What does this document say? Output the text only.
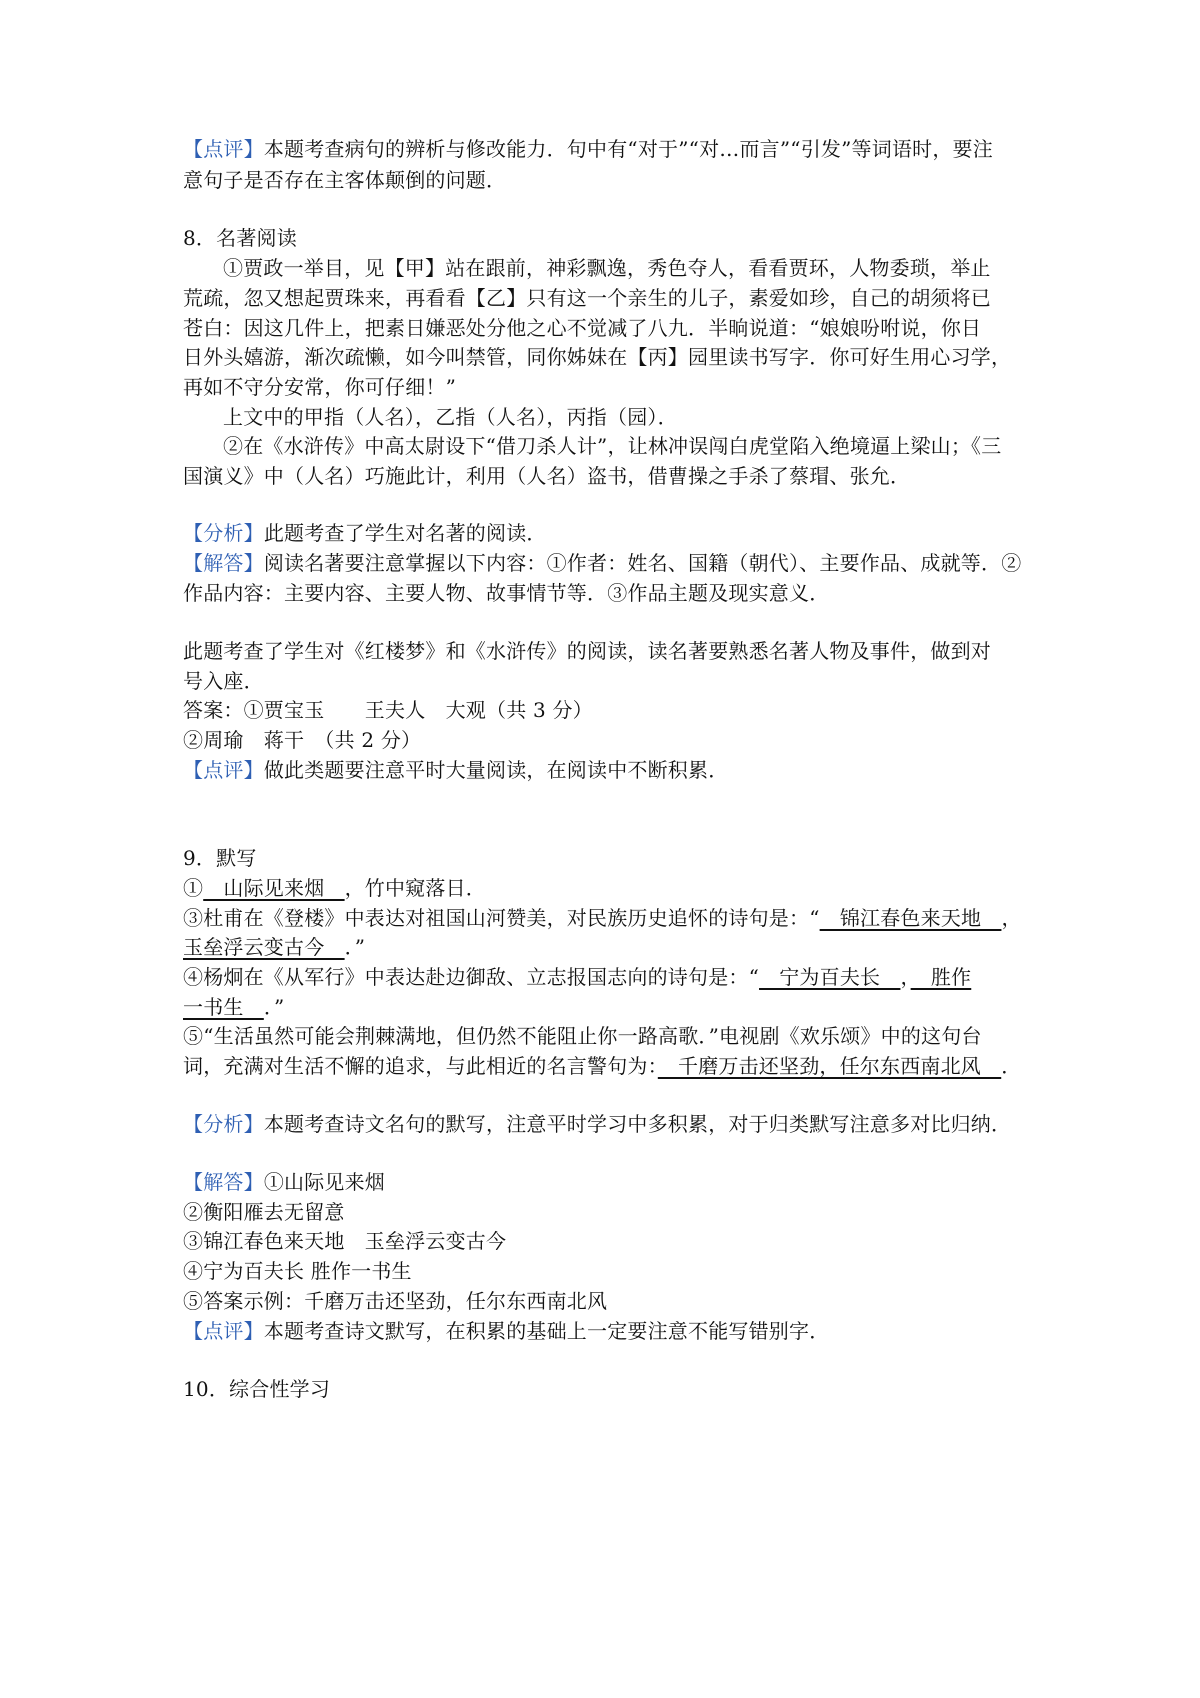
【点评】本题考查病句的辨析与修改能力．句中有“对于”“对…而言”“引发”等词语时，要注
意句子是否存在主客体颠倒的问题．
8．名著阅读
①贾政一举目，见【甲】站在跟前，神彩飘逸，秀色夺人，看看贾环，人物委琐，举止
荒疏，忽又想起贾珠来，再看看【乙】只有这一个亲生的儿子，素爱如珍，自己的胡须将已
苍白：因这几件上，把素日嫌恶处分他之心不觉减了八九．半晌说道：“娘娘吩咐说，你日
日外头嬉游，渐次疏懒，如今叫禁管，同你姊妹在【丙】园里读书写字．你可好生用心习学，
再如不守分安常，你可仔细！”
上文中的甲指（人名），乙指（人名），丙指（园）．
②在《水浒传》中高太尉设下“借刀杀人计”，让林冲误闯白虎堂陷入绝境逼上梁山；《三
国演义》中（人名）巧施此计，利用（人名）盗书，借曹操之手杀了蔡瑁、张允．
【分析】此题考查了学生对名著的阅读．
【解答】阅读名著要注意掌握以下内容：①作者：姓名、国籍（朝代）、主要作品、成就等．②
作品内容：主要内容、主要人物、故事情节等．③作品主题及现实意义．
此题考查了学生对《红楼梦》和《水浒传》的阅读，读名著要熟悉名著人物及事件，做到对
号入座．
答案：①贾宝玉　　王夫人　大观（共 3 分）
②周瑜　蒋干　（共 2 分）
【点评】做此类题要注意平时大量阅读，在阅读中不断积累．
9．默写
①　山际见来烟　，竹中窥落日．
③杜甫在《登楼》中表达对祖国山河赞美，对民族历史追怀的诗句是：“　锦江春色来天地　，
玉垒浮云变古今　．”
④杨炯在《从军行》中表达赴边御敌、立志报国志向的诗句是：“　宁为百夫长　，　胜作
一书生　．”
⑤“生活虽然可能会荆棘满地，但仍然不能阻止你一路高歌．”电视剧《欢乐颂》中的这句台
词，充满对生活不懈的追求，与此相近的名言警句为：　千磨万击还坚劲，任尔东西南北风　．
【分析】本题考查诗文名句的默写，注意平时学习中多积累，对于归类默写注意多对比归纳．
【解答】①山际见来烟
②衡阳雁去无留意
③锦江春色来天地　玉垒浮云变古今
④宁为百夫长 胜作一书生
⑤答案示例：千磨万击还坚劲，任尔东西南北风
【点评】本题考查诗文默写，在积累的基础上一定要注意不能写错别字．
10．综合性学习
